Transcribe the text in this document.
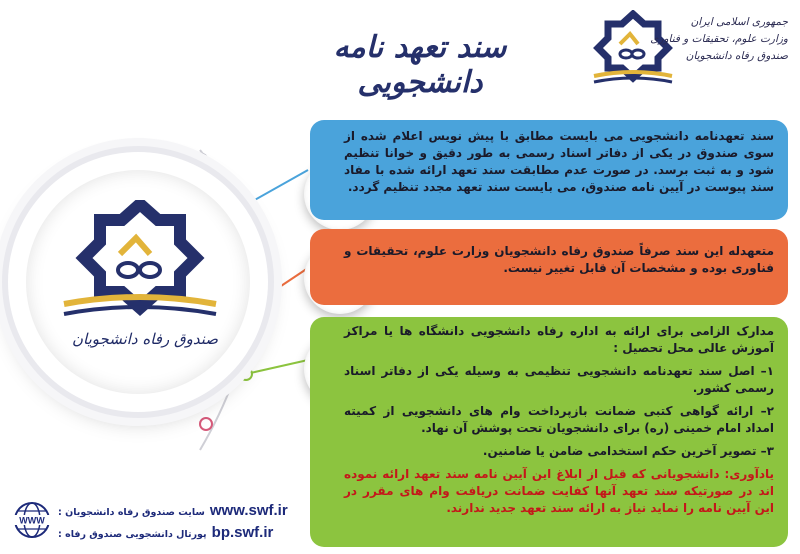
سند تعهد نامه دانشجویی
جمهوری اسلامی ایران
وزارت علوم، تحقیقات و فناوری
صندوق رفاه دانشجویان
صندوق رفاه دانشجویان

سند تعهدنامه دانشجویی می بایست مطابق با پیش نویس اعلام شده از سوی صندوق در یکی از دفاتر اسناد رسمی به طور دقیق و خوانا تنظیم شود و به ثبت برسد. در صورت عدم مطابقت سند تعهد ارائه شده با مفاد سند پیوست در آیین نامه صندوق، می بایست سند تعهد مجدد تنظیم گردد.

متعهدله این سند صرفاً صندوق رفاه دانشجویان وزارت علوم، تحقیقات و فناوری بوده و مشخصات آن قابل تغییر نیست.

مدارک الزامی برای ارائه به اداره رفاه دانشجویی دانشگاه ها یا مراکز آموزش عالی محل تحصیل :

۱– اصل سند تعهدنامه دانشجویی تنظیمی به وسیله یکی از دفاتر اسناد رسمی کشور.

۲– ارائه گواهی کتبی ضمانت بازپرداخت وام های دانشجویی از کمیته امداد امام خمینی (ره) برای دانشجویان تحت پوشش آن نهاد.

۳– تصویر آخرین حکم استخدامی ضامن یا ضامنین.

یادآوری: دانشجویانی که قبل از ابلاغ این آیین نامه سند تعهد ارائه نموده اند در صورتیکه سند تعهد آنها کفایت ضمانت دریافت وام های مقرر در این آیین نامه را نماید نیاز به ارائه سند تعهد جدید ندارند.

WWW
: سایت صندوق رفاه دانشجویان www.swf.ir
: پورتال دانشجویی صندوق رفاه bp.swf.ir
